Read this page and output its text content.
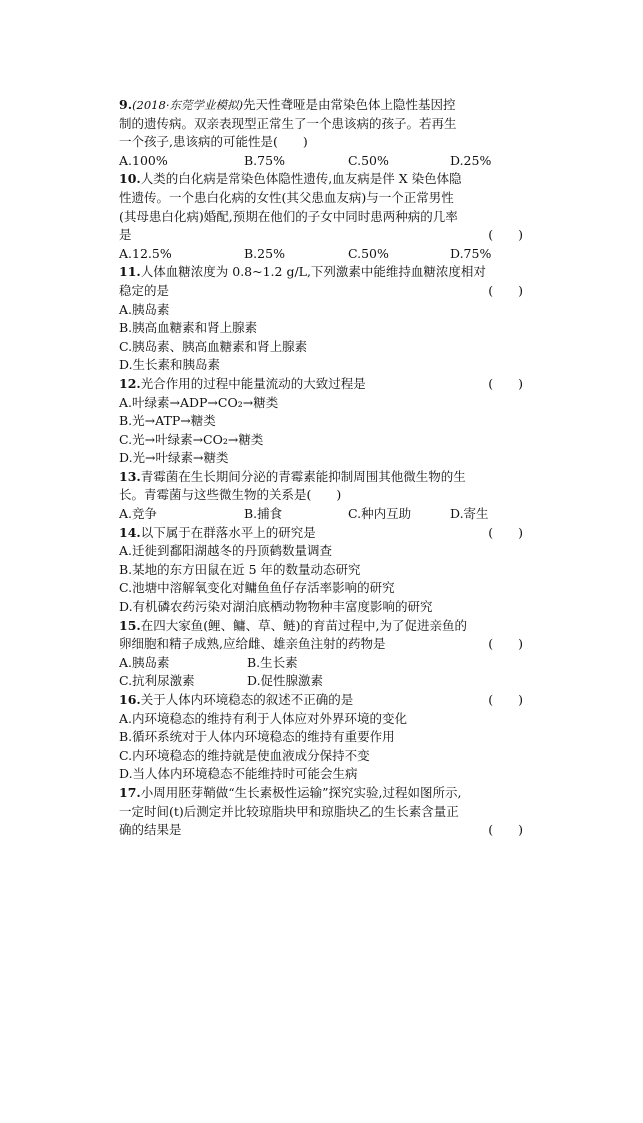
9.(2018·东莞学业模拟)先天性聋哑是由常染色体上隐性基因控
制的遗传病。双亲表现型正常生了一个患该病的孩子。若再生
一个孩子,患该病的可能性是(　　)
A.100%	B.75%	C.50%	D.25%
10.人类的白化病是常染色体隐性遗传,血友病是伴 X 染色体隐
性遗传。一个患白化病的女性(其父患血友病)与一个正常男性
(其母患白化病)婚配,预期在他们的子女中同时患两种病的几率
是	(　　)
A.12.5%	B.25%	C.50%	D.75%
11.人体血糖浓度为 0.8~1.2 g/L,下列激素中能维持血糖浓度相对
稳定的是	(　　)
A.胰岛素
B.胰高血糖素和肾上腺素
C.胰岛素、胰高血糖素和肾上腺素
D.生长素和胰岛素
12.光合作用的过程中能量流动的大致过程是	(　　)
A.叶绿素→ADP→CO₂→糖类
B.光→ATP→糖类
C.光→叶绿素→CO₂→糖类
D.光→叶绿素→糖类
13.青霉菌在生长期间分泌的青霉素能抑制周围其他微生物的生
长。青霉菌与这些微生物的关系是(　　)
A.竞争	B.捕食	C.种内互助	D.寄生
14.以下属于在群落水平上的研究是	(　　)
A.迁徙到鄱阳湖越冬的丹顶鹤数量调查
B.某地的东方田鼠在近 5 年的数量动态研究
C.池塘中溶解氧变化对鳙鱼鱼仔存活率影响的研究
D.有机磷农药污染对湖泊底栖动物物种丰富度影响的研究
15.在四大家鱼(鲤、鳙、草、鲢)的育苗过程中,为了促进亲鱼的
卵细胞和精子成熟,应给雌、雄亲鱼注射的药物是	(　　)
A.胰岛素	B.生长素
C.抗利尿激素	D.促性腺激素
16.关于人体内环境稳态的叙述不正确的是	(　　)
A.内环境稳态的维持有利于人体应对外界环境的变化
B.循环系统对于人体内环境稳态的维持有重要作用
C.内环境稳态的维持就是使血液成分保持不变
D.当人体内环境稳态不能维持时可能会生病
17.小周用胚芽鞘做“生长素极性运输”探究实验,过程如图所示,
一定时间(t)后测定并比较琼脂块甲和琼脂块乙的生长素含量正
确的结果是	(　　)
